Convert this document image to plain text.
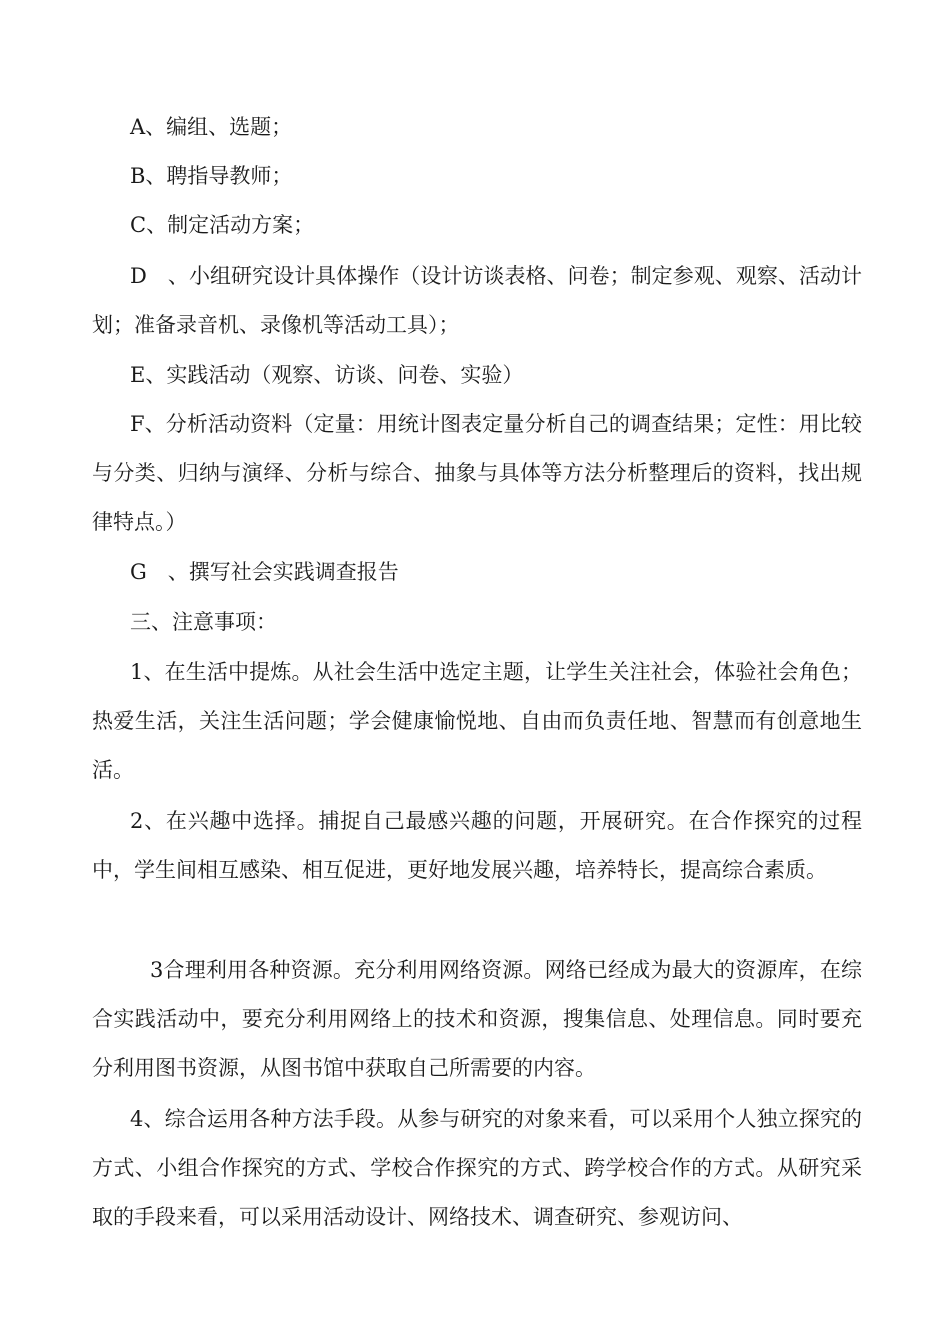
A、编组、选题；

B、聘指导教师；

C、制定活动方案；

D　、小组研究设计具体操作（设计访谈表格、问卷；制定参观、观察、活动计划；准备录音机、录像机等活动工具）；

E、实践活动（观察、访谈、问卷、实验）

F、分析活动资料（定量：用统计图表定量分析自己的调查结果；定性：用比较与分类、归纳与演绎、分析与综合、抽象与具体等方法分析整理后的资料，找出规律特点。）

G　、撰写社会实践调查报告

三、注意事项：

1、在生活中提炼。从社会生活中选定主题，让学生关注社会，体验社会角色；热爱生活，关注生活问题；学会健康愉悦地、自由而负责任地、智慧而有创意地生活。

2、在兴趣中选择。捕捉自己最感兴趣的问题，开展研究。在合作探究的过程中，学生间相互感染、相互促进，更好地发展兴趣，培养特长，提高综合素质。

3合理利用各种资源。充分利用网络资源。网络已经成为最大的资源库，在综合实践活动中，要充分利用网络上的技术和资源，搜集信息、处理信息。同时要充分利用图书资源，从图书馆中获取自己所需要的内容。

4、综合运用各种方法手段。从参与研究的对象来看，可以采用个人独立探究的方式、小组合作探究的方式、学校合作探究的方式、跨学校合作的方式。从研究采取的手段来看，可以采用活动设计、网络技术、调查研究、参观访问、
